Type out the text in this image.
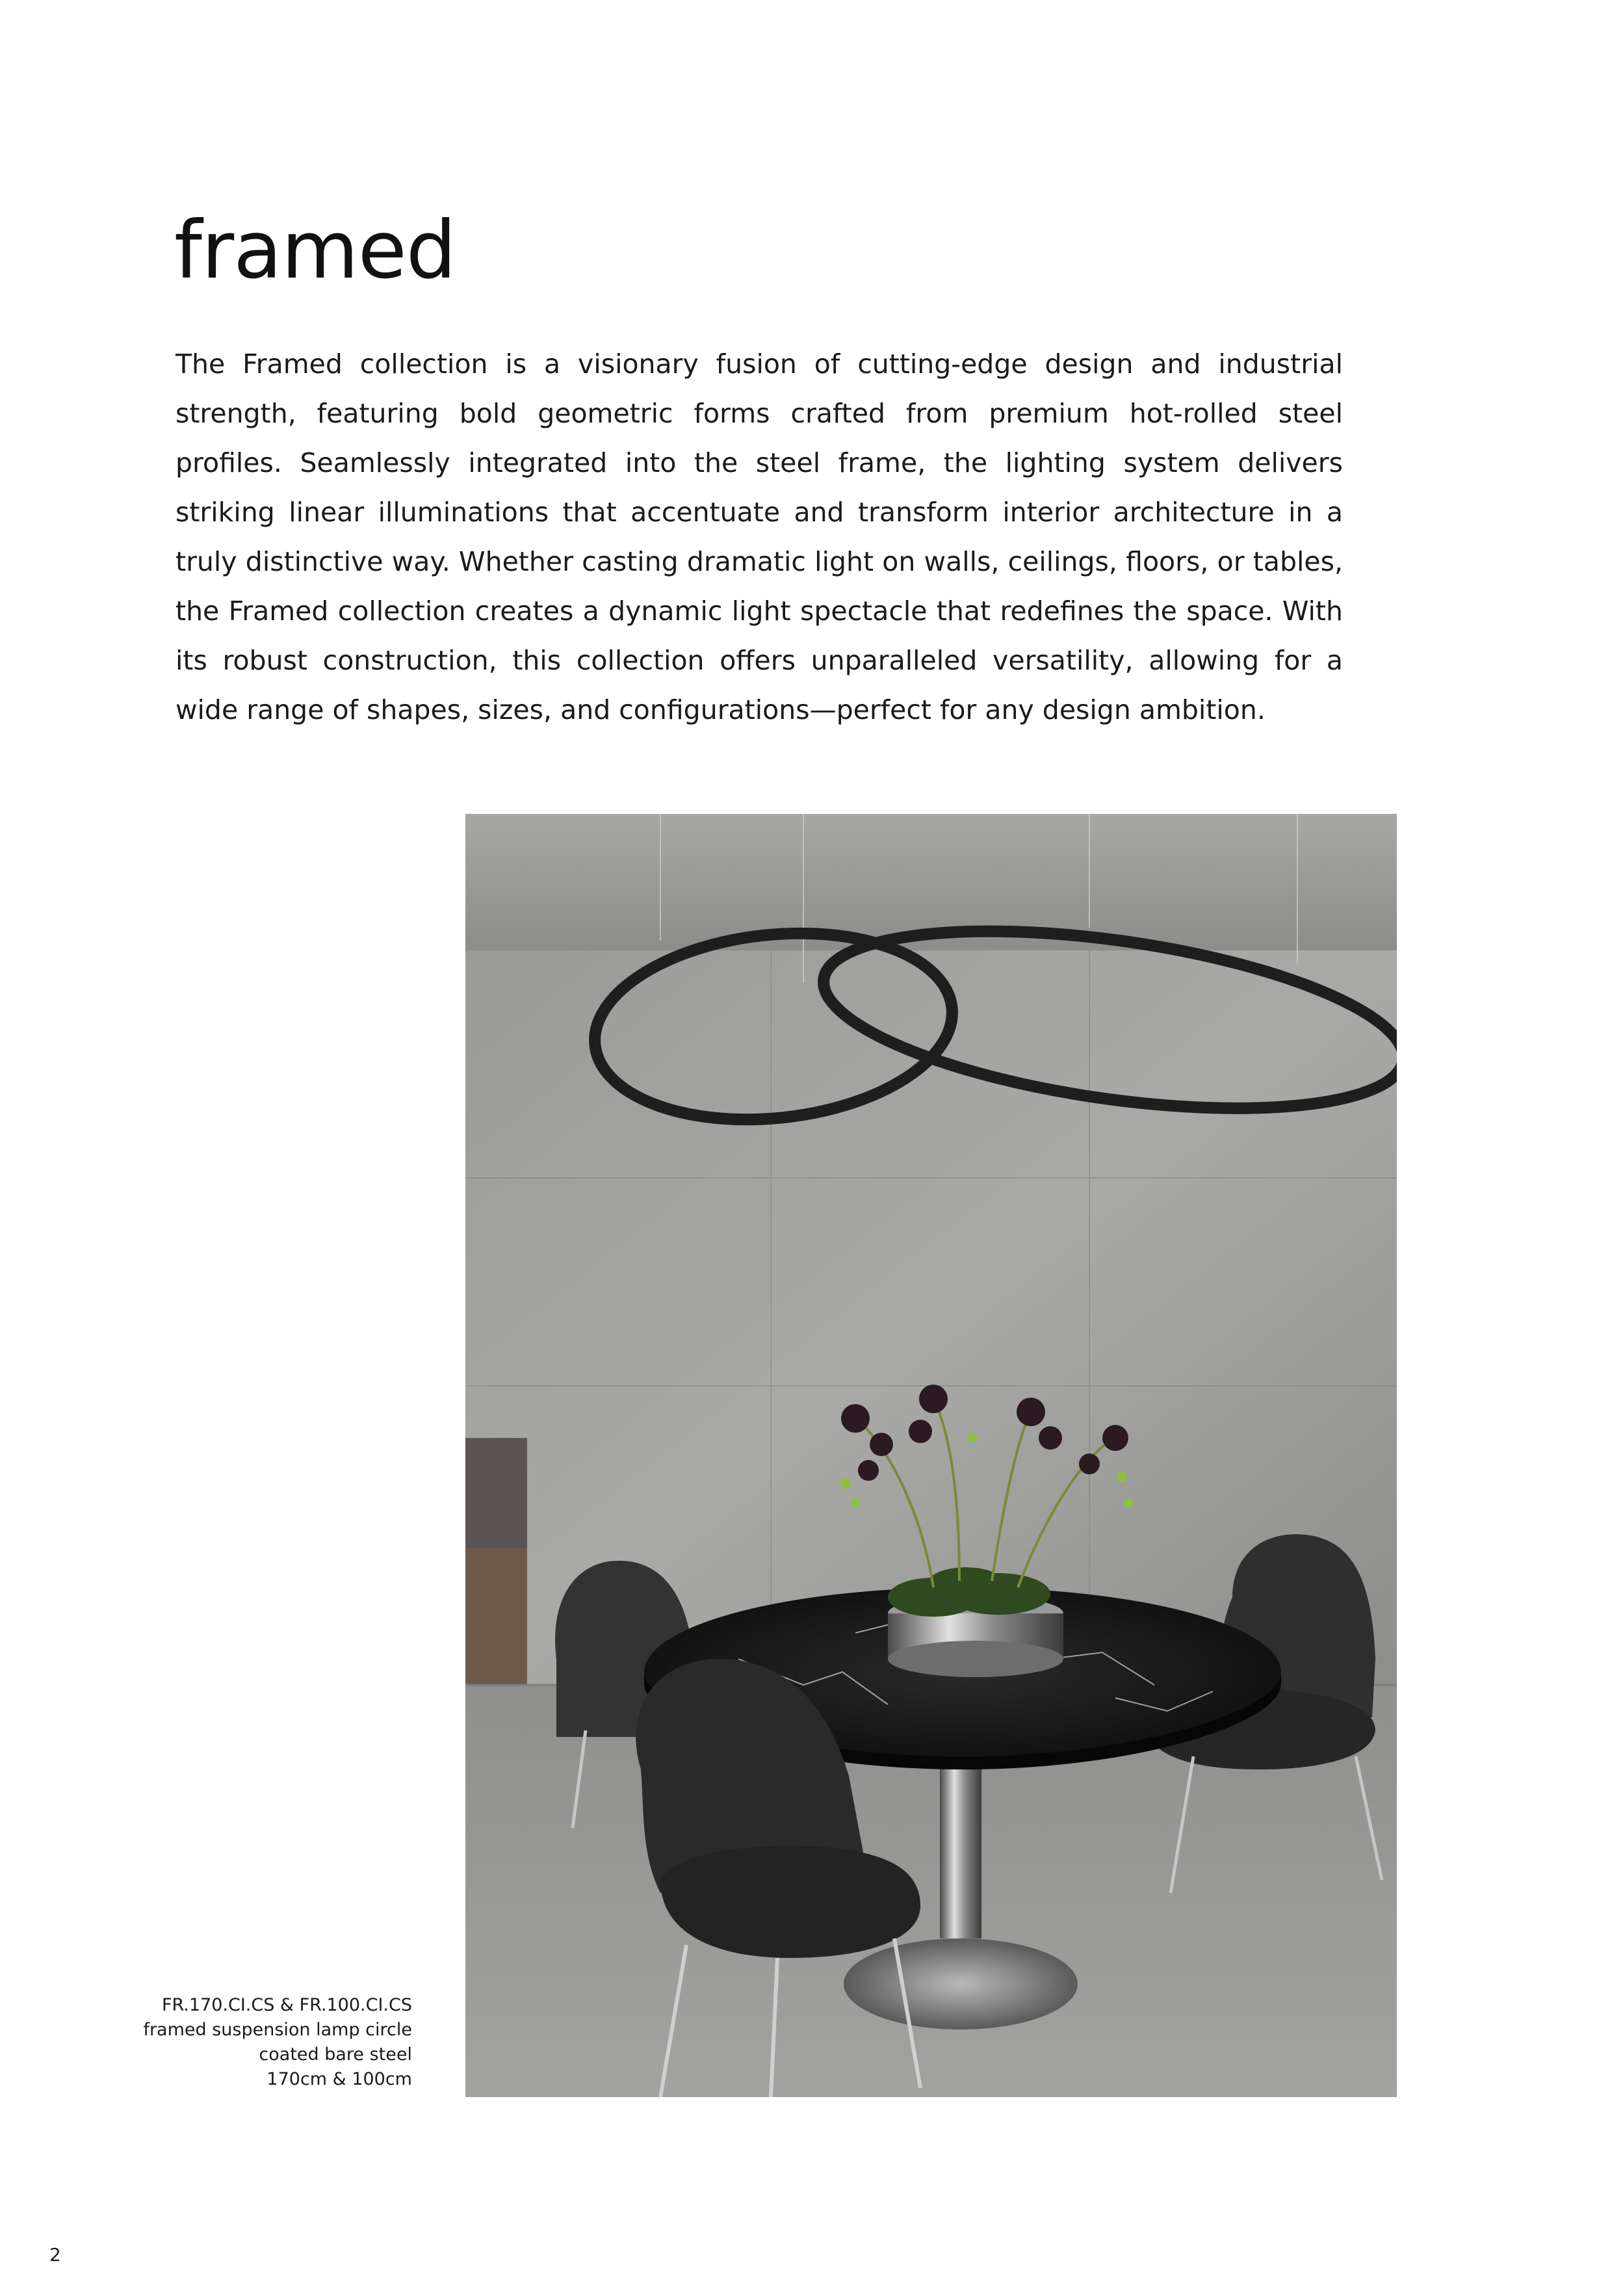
framed

The Framed collection is a visionary fusion of cutting-edge design and industrial strength, featuring bold geometric forms crafted from premium hot-rolled steel profiles. Seamlessly integrated into the steel frame, the lighting system delivers striking linear illuminations that accentuate and transform interior architecture in a truly distinctive way. Whether casting dramatic light on walls, ceilings, floors, or tables, the Framed collection creates a dynamic light spectacle that redefines the space. With its robust construction, this collection offers unparalleled versatility, allowing for a wide range of shapes, sizes, and configurations—perfect for any design ambition.

FR.170.CI.CS & FR.100.CI.CS
framed suspension lamp circle
coated bare steel
170cm & 100cm
2
